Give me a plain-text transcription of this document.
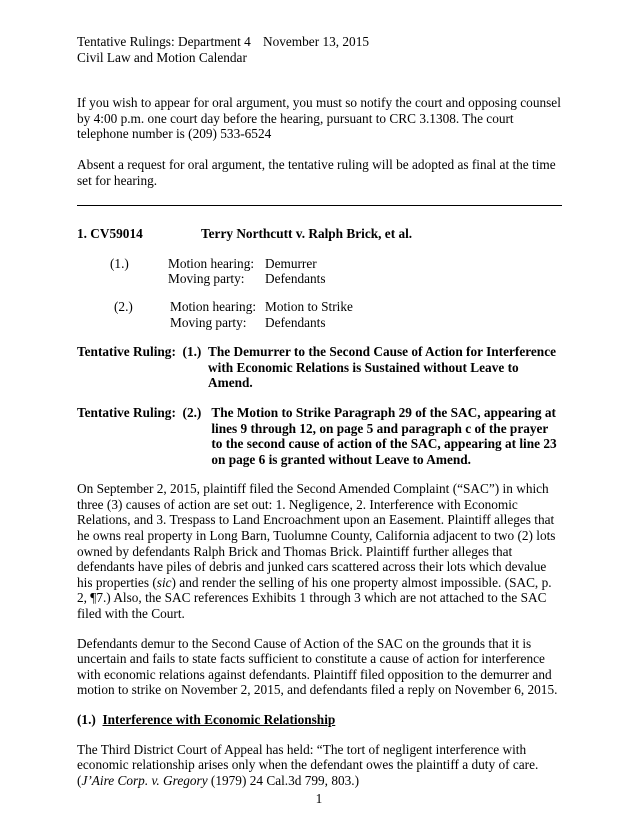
Tentative Rulings: Department 4 November 13, 2015

Civil Law and Motion Calendar

If you wish to appear for oral argument, you must so notify the court and opposing counsel by 4:00 p.m. one court day before the hearing, pursuant to CRC 3.1308. The court telephone number is (209) 533-6524

Absent a request for oral argument, the tentative ruling will be adopted as final at the time set for hearing.

1. CV59014	Terry Northcutt v. Ralph Brick, et al.
(1.)	Motion hearing: Demurrer
Moving party:	Defendants
(2.)	Motion hearing: Motion to Strike
Moving party:	Defendants
Tentative Ruling:  (1.) The Demurrer to the Second Cause of Action for Interference with Economic Relations is Sustained without Leave to Amend.
Tentative Ruling:  (2.) The Motion to Strike Paragraph 29 of the SAC, appearing at lines 9 through 12, on page 5 and paragraph c of the prayer to the second cause of action of the SAC, appearing at line 23 on page 6 is granted without Leave to Amend.

On September 2, 2015, plaintiff filed the Second Amended Complaint (“SAC”) in which three (3) causes of action are set out: 1. Negligence, 2. Interference with Economic Relations, and 3. Trespass to Land Encroachment upon an Easement. Plaintiff alleges that he owns real property in Long Barn, Tuolumne County, California adjacent to two (2) lots owned by defendants Ralph Brick and Thomas Brick. Plaintiff further alleges that defendants have piles of debris and junked cars scattered across their lots which devalue his properties (sic) and render the selling of his one property almost impossible. (SAC, p. 2, ¶7.) Also, the SAC references Exhibits 1 through 3 which are not attached to the SAC filed with the Court.

Defendants demur to the Second Cause of Action of the SAC on the grounds that it is uncertain and fails to state facts sufficient to constitute a cause of action for interference with economic relations against defendants. Plaintiff filed opposition to the demurrer and motion to strike on November 2, 2015, and defendants filed a reply on November 6, 2015.

(1.)  Interference with Economic Relationship

The Third District Court of Appeal has held: “The tort of negligent interference with economic relationship arises only when the defendant owes the plaintiff a duty of care. (J’Aire Corp. v. Gregory (1979) 24 Cal.3d 799, 803.)

1
